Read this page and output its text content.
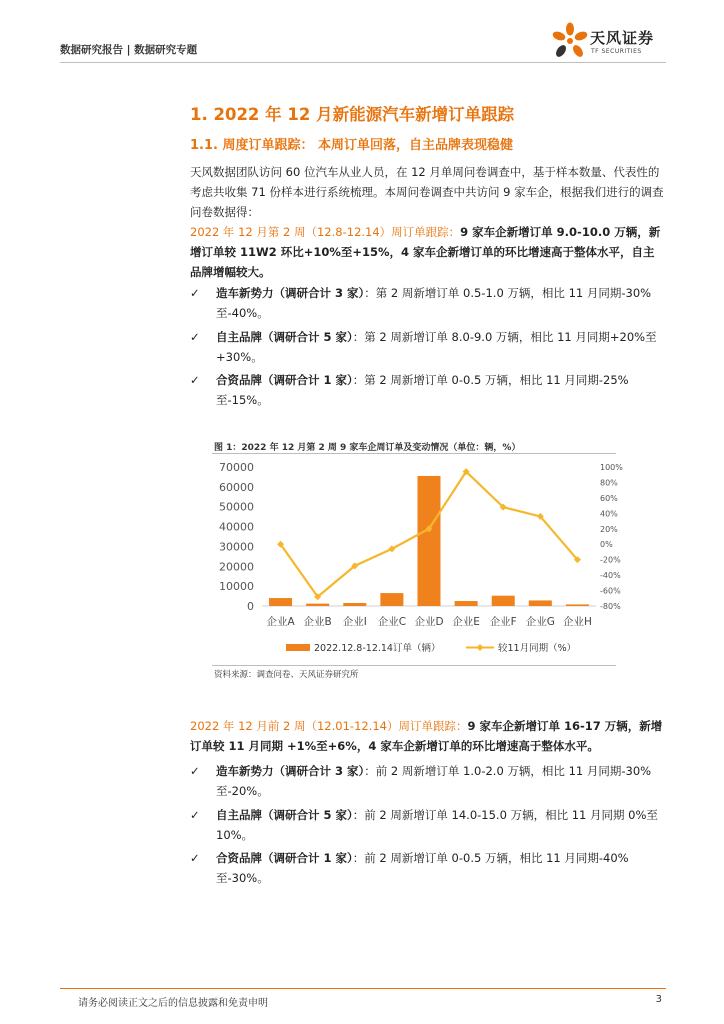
数据研究报告 | 数据研究专题
天风证券
TF SECURITIES
1. 2022 年 12 月新能源汽车新增订单跟踪
1.1. 周度订单跟踪： 本周订单回落，自主品牌表现稳健
天风数据团队访问 60 位汽车从业人员，在 12 月单周问卷调查中，基于样本数量、代表性的考虑共收集 71 份样本进行系统梳理。本周问卷调查中共访问 9 家车企，根据我们进行的调查问卷数据得：
2022 年 12 月第 2 周（12.8-12.14）周订单跟踪：9 家车企新增订单 9.0-10.0 万辆，新增订单较 11W2 环比+10%至+15%，4 家车企新增订单的环比增速高于整体水平，自主品牌增幅较大。
✓	造车新势力（调研合计 3 家）：第 2 周新增订单 0.5-1.0 万辆，相比 11 月同期-30%至-40%。
✓	自主品牌（调研合计 5 家）：第 2 周新增订单 8.0-9.0 万辆，相比 11 月同期+20%至+30%。
✓	合资品牌（调研合计 1 家）：第 2 周新增订单 0-0.5 万辆，相比 11 月同期-25%至-15%。
图 1：2022 年 12 月第 2 周 9 家车企周订单及变动情况（单位：辆，%）
0
10000
20000
30000
40000
50000
60000
70000
-80%
-60%
-40%
-20%
0%
20%
40%
60%
80%
100%
企业A 企业B 企业I 企业C 企业D 企业E 企业F 企业G 企业H
2022.12.8-12.14订单（辆）	较11月同期（%）
资料来源：调查问卷、天风证券研究所
2022 年 12 月前 2 周（12.01-12.14）周订单跟踪：9 家车企新增订单 16-17 万辆，新增订单较 11 月同期 +1%至+6%，4 家车企新增订单的环比增速高于整体水平。
✓	造车新势力（调研合计 3 家）：前 2 周新增订单 1.0-2.0 万辆，相比 11 月同期-30%至-20%。
✓	自主品牌（调研合计 5 家）：前 2 周新增订单 14.0-15.0 万辆，相比 11 月同期 0%至 10%。
✓	合资品牌（调研合计 1 家）：前 2 周新增订单 0-0.5 万辆，相比 11 月同期-40%至-30%。
请务必阅读正文之后的信息披露和免责申明	3
